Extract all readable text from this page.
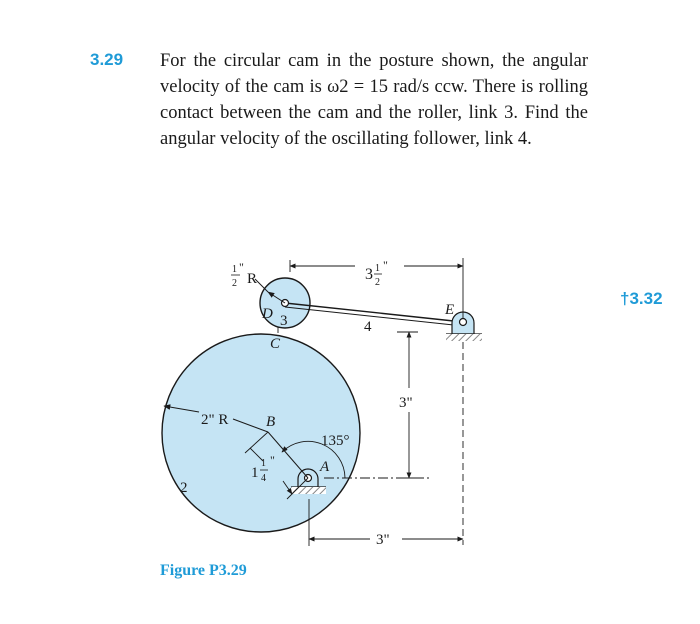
3.29 For the circular cam in the posture shown, the angular velocity of the cam is ω2 = 15 rad/s ccw. There is rolling contact between the cam and the roller, link 3. Find the angular velocity of the oscillating follower, link 4.

†3.32
R
1
2
"
D 3
C
4
E
3 1
2
"
3"
2" R	B
1
1
4
"
135°
A
2
3"
Figure P3.29
